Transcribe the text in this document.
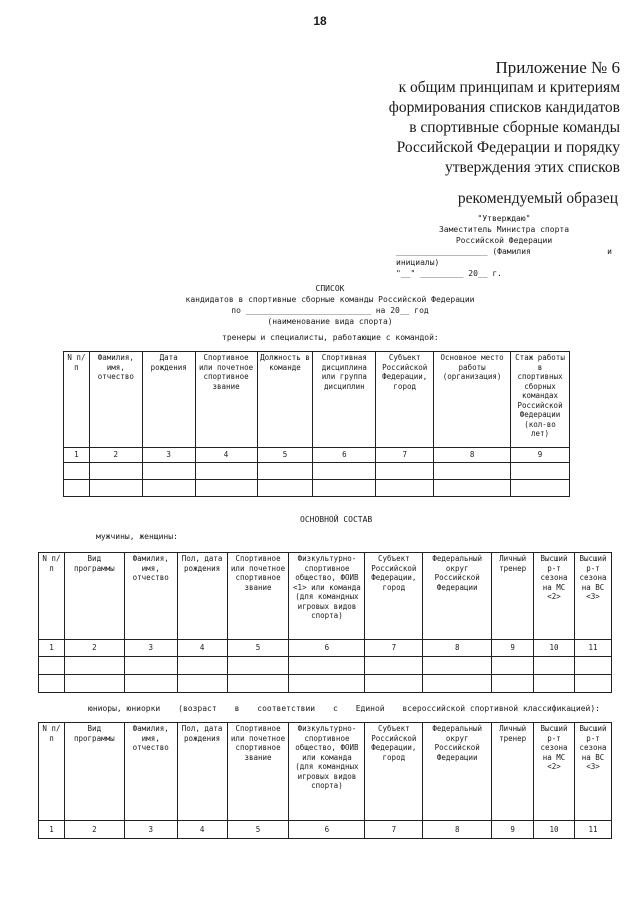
18
Приложение № 6
к общим принципам и критериям
формирования списков кандидатов
в спортивные сборные команды
Российской Федерации и порядку
утверждения этих списков
рекомендуемый образец
"Утверждаю"
Заместитель Министра спорта
Российской Федерации
___________________ (Фамилия	и
инициалы)
"__" _________ 20__ г.
СПИСОК
кандидатов в спортивные сборные команды Российской Федерации
по __________________________ на 20__ год
(наименование вида спорта)
тренеры и специалисты, работающие с командой:
N п/п	Фамилия, имя, отчество	Дата рождения	Спортивное или почетное спортивное звание	Должность в команде	Спортивная дисциплина или группа дисциплин	Субъект Российской Федерации, город	Основное место работы (организация)	Стаж работы в спортивных сборных командах Российской Федерации (кол-во лет)
1	2	3	4	5	6	7	8	9

ОСНОВНОЙ СОСТАВ
мужчины, женщины:
N п/п	Вид программы	Фамилия, имя, отчество	Пол, дата рождения	Спортивное или почетное спортивное звание	Физкультурно-спортивное общество, ФОИВ <1> или команда (для командных игровых видов спорта)	Субъект Российской Федерации, город	Федеральный округ Российской Федерации	Личный тренер	Высший р-т сезона на МС <2>	Высший р-т сезона на ВС <3>
1	2	3	4	5	6	7	8	9	10	11

юниоры, юниорки (возраст в соответствии с Единой всероссийской спортивной классификацией):
N п/п	Вид программы	Фамилия, имя, отчество	Пол, дата рождения	Спортивное или почетное спортивное звание	Физкультурно-спортивное общество, ФОИВ или команда (для командных игровых видов спорта)	Субъект Российской Федерации, город	Федеральный округ Российской Федерации	Личный тренер	Высший р-т сезона на МС <2>	Высший р-т сезона на ВС <3>
1	2	3	4	5	6	7	8	9	10	11
